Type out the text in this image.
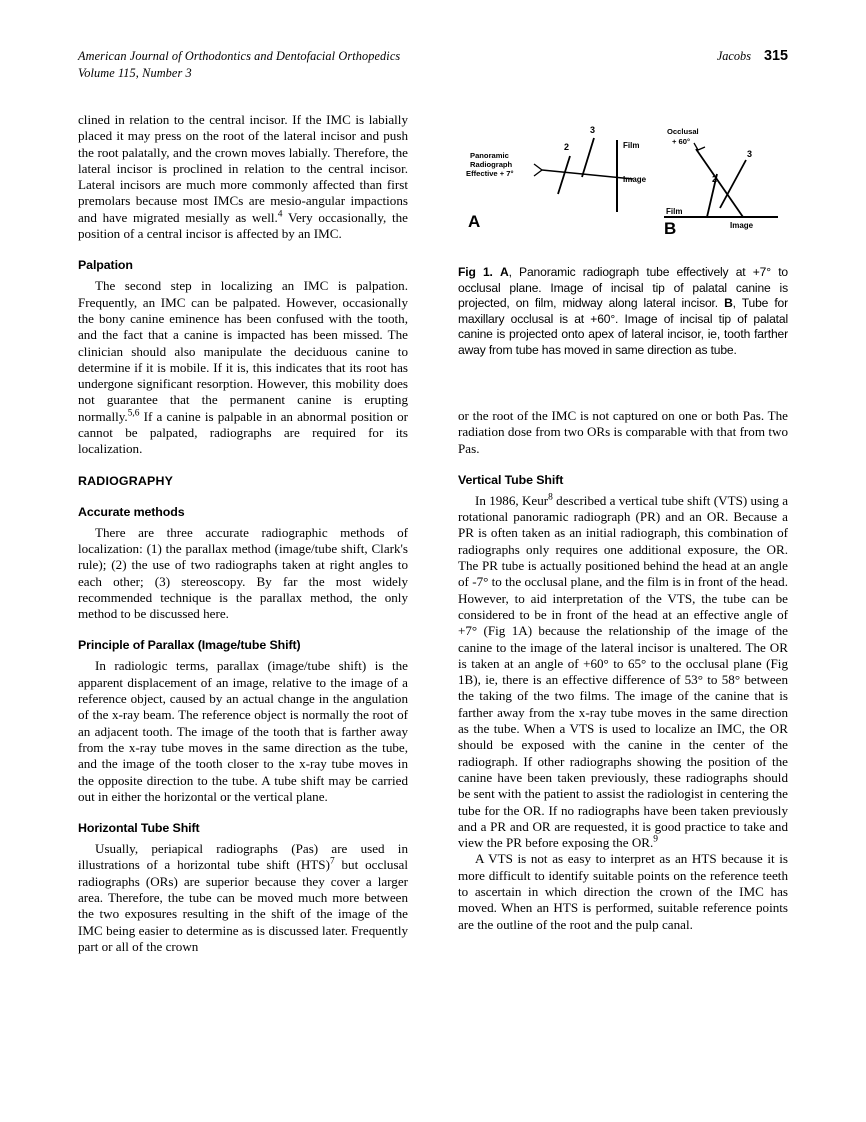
American Journal of Orthodontics and Dentofacial Orthopedics
Volume 115, Number 3
Jacobs 315

clined in relation to the central incisor. If the IMC is labially placed it may press on the root of the lateral incisor and push the root palatally, and the crown moves labially. Therefore, the lateral incisor is proclined in relation to the central incisor. Lateral incisors are much more commonly affected than first premolars because most IMCs are mesio-angular impactions and have migrated mesially as well.$^4$ Very occasionally, the position of a central incisor is affected by an IMC.

Palpation

The second step in localizing an IMC is palpation. Frequently, an IMC can be palpated. However, occasionally the bony canine eminence has been confused with the tooth, and the fact that a canine is impacted has been missed. The clinician should also manipulate the deciduous canine to determine if it is mobile. If it is, this indicates that its root has undergone significant resorption. However, this mobility does not guarantee that the permanent canine is erupting normally.$^{5,6}$ If a canine is palpable in an abnormal position or cannot be palpated, radiographs are required for its localization.

RADIOGRAPHY
Accurate methods

There are three accurate radiographic methods of localization: (1) the parallax method (image/tube shift, Clark's rule); (2) the use of two radiographs taken at right angles to each other; (3) stereoscopy. By far the most widely recommended technique is the parallax method, the only method to be discussed here.

Principle of Parallax (Image/tube Shift)

In radiologic terms, parallax (image/tube shift) is the apparent displacement of an image, relative to the image of a reference object, caused by an actual change in the angulation of the x-ray beam. The reference object is normally the root of an adjacent tooth. The image of the tooth that is farther away from the x-ray tube moves in the same direction as the tube, and the image of the tooth closer to the x-ray tube moves in the opposite direction to the tube. A tube shift may be carried out in either the horizontal or the vertical plane.

Horizontal Tube Shift

Usually, periapical radiographs (Pas) are used in illustrations of a horizontal tube shift (HTS)$^7$ but occlusal radiographs (ORs) are superior because they cover a larger area. Therefore, the tube can be moved much more between the two exposures resulting in the shift of the image of the IMC being easier to determine as is discussed later. Frequently part or all of the crown

Panoramic
Radiograph
Effective + 7°
2
3
Film
Image
A
Occlusal
+ 60°
2
3
Film
Image
B
Fig 1. A, Panoramic radiograph tube effectively at +7° to occlusal plane. Image of incisal tip of palatal canine is projected, on film, midway along lateral incisor. B, Tube for maxillary occlusal is at +60°. Image of incisal tip of palatal canine is projected onto apex of lateral incisor, ie, tooth farther away from tube has moved in same direction as tube.

or the root of the IMC is not captured on one or both Pas. The radiation dose from two ORs is comparable with that from two Pas.

Vertical Tube Shift

In 1986, Keur$^8$ described a vertical tube shift (VTS) using a rotational panoramic radiograph (PR) and an OR. Because a PR is often taken as an initial radiograph, this combination of radiographs only requires one additional exposure, the OR. The PR tube is actually positioned behind the head at an angle of -7° to the occlusal plane, and the film is in front of the head. However, to aid interpretation of the VTS, the tube can be considered to be in front of the head at an effective angle of +7° (Fig 1A) because the relationship of the image of the canine to the image of the lateral incisor is unaltered. The OR is taken at an angle of +60° to 65° to the occlusal plane (Fig 1B), ie, there is an effective difference of 53° to 58° between the taking of the two films. The image of the canine that is farther away from the x-ray tube moves in the same direction as the tube. When a VTS is used to localize an IMC, the OR should be exposed with the canine in the center of the radiograph. If other radiographs showing the position of the canine have been taken previously, these radiographs should be sent with the patient to assist the radiologist in centering the tube for the OR. If no radiographs have been taken previously and a PR and OR are requested, it is good practice to take and view the PR before exposing the OR.$^9$

A VTS is not as easy to interpret as an HTS because it is more difficult to identify suitable points on the reference teeth to ascertain in which direction the crown of the IMC has moved. When an HTS is performed, suitable reference points are the outline of the root and the pulp canal.
